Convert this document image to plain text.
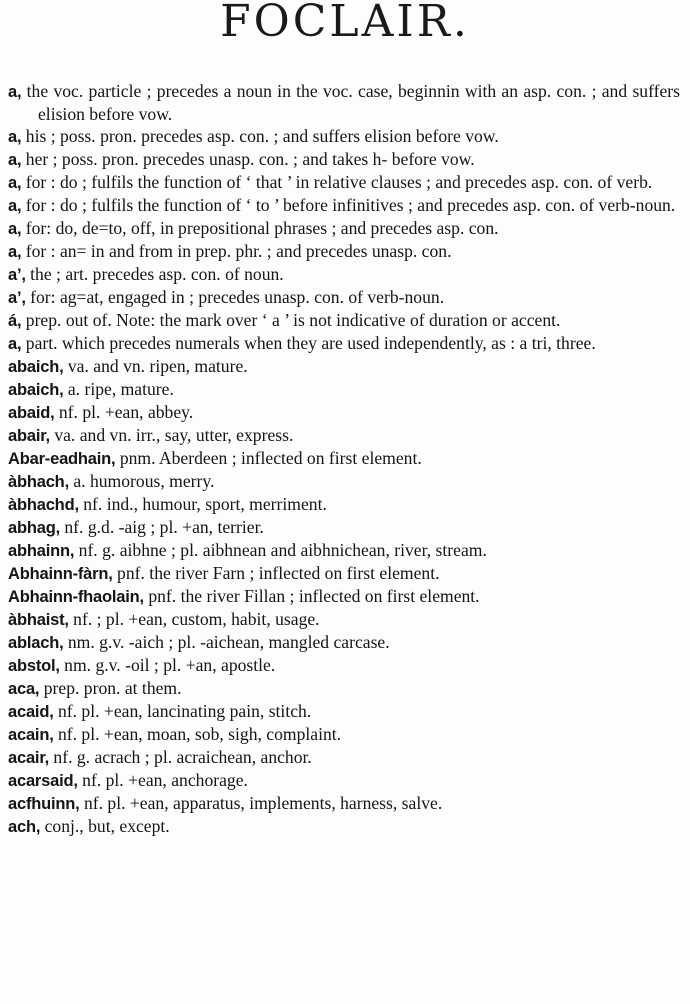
FOCLAIR.

a, the voc. particle ; precedes a noun in the voc. case, beginnin with an asp. con. ; and suffers elision before vow.

a, his ; poss. pron. precedes asp. con. ; and suffers elision before vow.

a, her ; poss. pron. precedes unasp. con. ; and takes h- before vow.

a, for : do ; fulfils the function of ‘ that ’ in relative clauses ; and precedes asp. con. of verb.

a, for : do ; fulfils the function of ‘ to ’ before infinitives ; and precedes asp. con. of verb-noun.

a, for: do, de=to, off, in prepositional phrases ; and precedes asp. con.

a, for : an= in and from in prep. phr. ; and precedes unasp. con.

a’, the ; art. precedes asp. con. of noun.

a’, for: ag=at, engaged in ; precedes unasp. con. of verb-noun.

á, prep. out of. Note: the mark over ‘ a ’ is not indicative of duration or accent.

a, part. which precedes numerals when they are used independently, as : a tri, three.

abaich, va. and vn. ripen, mature.

abaich, a. ripe, mature.

abaid, nf. pl. +ean, abbey.

abair, va. and vn. irr., say, utter, express.

Abar-eadhain, pnm. Aberdeen ; inflected on first element.

àbhach, a. humorous, merry.

àbhachd, nf. ind., humour, sport, merriment.

abhag, nf. g.d. -aig ; pl. +an, terrier.

abhainn, nf. g. aibhne ; pl. aibhnean and aibhnichean, river, stream.

Abhainn-fàrn, pnf. the river Farn ; inflected on first element.

Abhainn-fhaolain, pnf. the river Fillan ; inflected on first element.

àbhaist, nf. ; pl. +ean, custom, habit, usage.

ablach, nm. g.v. -aich ; pl. -aichean, mangled carcase.

abstol, nm. g.v. -oil ; pl. +an, apostle.

aca, prep. pron. at them.

acaid, nf. pl. +ean, lancinating pain, stitch.

acain, nf. pl. +ean, moan, sob, sigh, complaint.

acair, nf. g. acrach ; pl. acraichean, anchor.

acarsaid, nf. pl. +ean, anchorage.

acfhuinn, nf. pl. +ean, apparatus, implements, harness, salve.

ach, conj., but, except.
